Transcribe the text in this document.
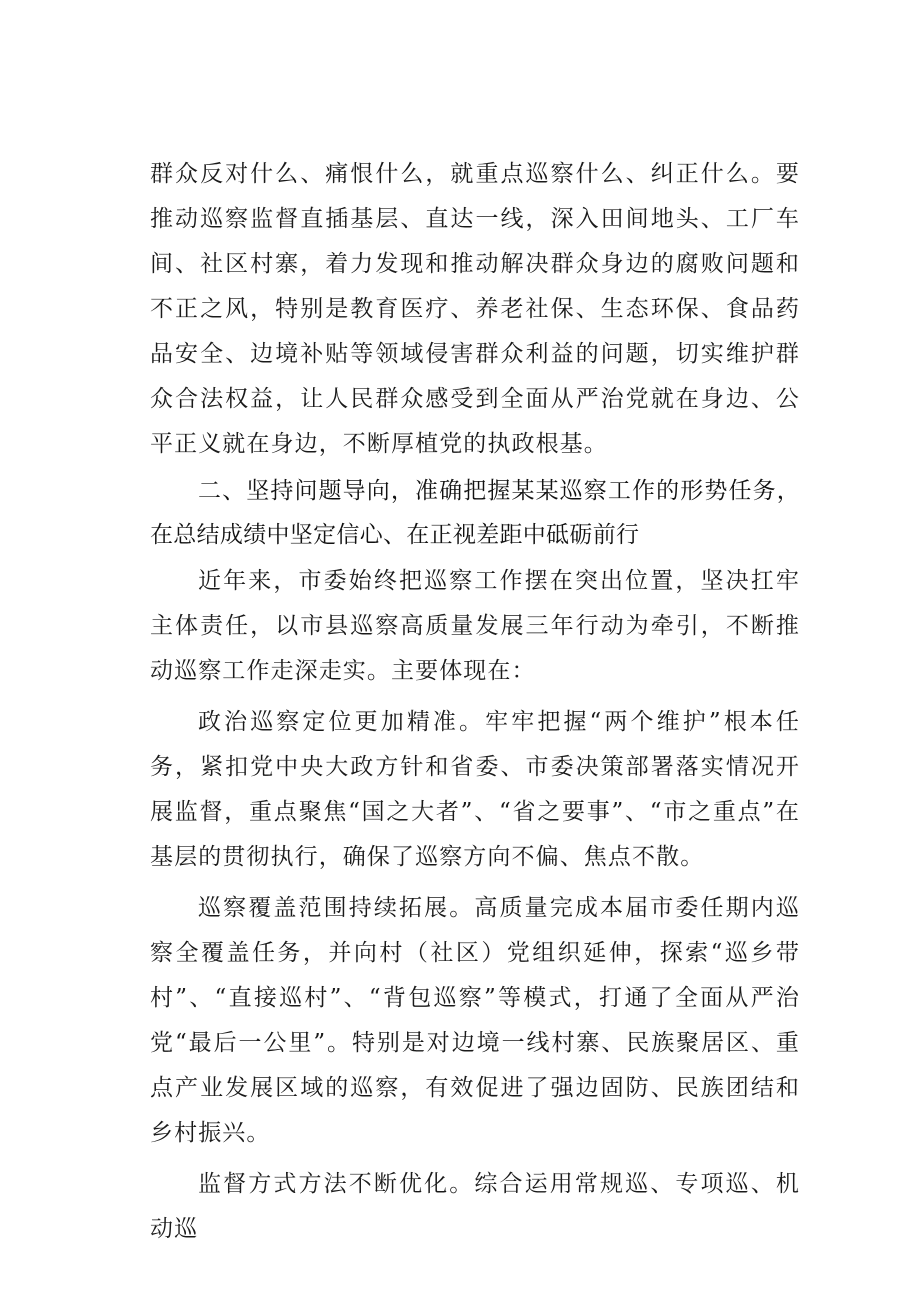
群众反对什么、痛恨什么，就重点巡察什么、纠正什么。要推动巡察监督直插基层、直达一线，深入田间地头、工厂车间、社区村寨，着力发现和推动解决群众身边的腐败问题和不正之风，特别是教育医疗、养老社保、生态环保、食品药品安全、边境补贴等领域侵害群众利益的问题，切实维护群众合法权益，让人民群众感受到全面从严治党就在身边、公平正义就在身边，不断厚植党的执政根基。

二、坚持问题导向，准确把握某某巡察工作的形势任务，在总结成绩中坚定信心、在正视差距中砥砺前行

近年来，市委始终把巡察工作摆在突出位置，坚决扛牢主体责任，以市县巡察高质量发展三年行动为牵引，不断推动巡察工作走深走实。主要体现在：

政治巡察定位更加精准。牢牢把握“两个维护”根本任务，紧扣党中央大政方针和省委、市委决策部署落实情况开展监督，重点聚焦“国之大者”、“省之要事”、“市之重点”在基层的贯彻执行，确保了巡察方向不偏、焦点不散。

巡察覆盖范围持续拓展。高质量完成本届市委任期内巡察全覆盖任务，并向村（社区）党组织延伸，探索“巡乡带村”、“直接巡村”、“背包巡察”等模式，打通了全面从严治党“最后一公里”。特别是对边境一线村寨、民族聚居区、重点产业发展区域的巡察，有效促进了强边固防、民族团结和乡村振兴。

监督方式方法不断优化。综合运用常规巡、专项巡、机动巡
